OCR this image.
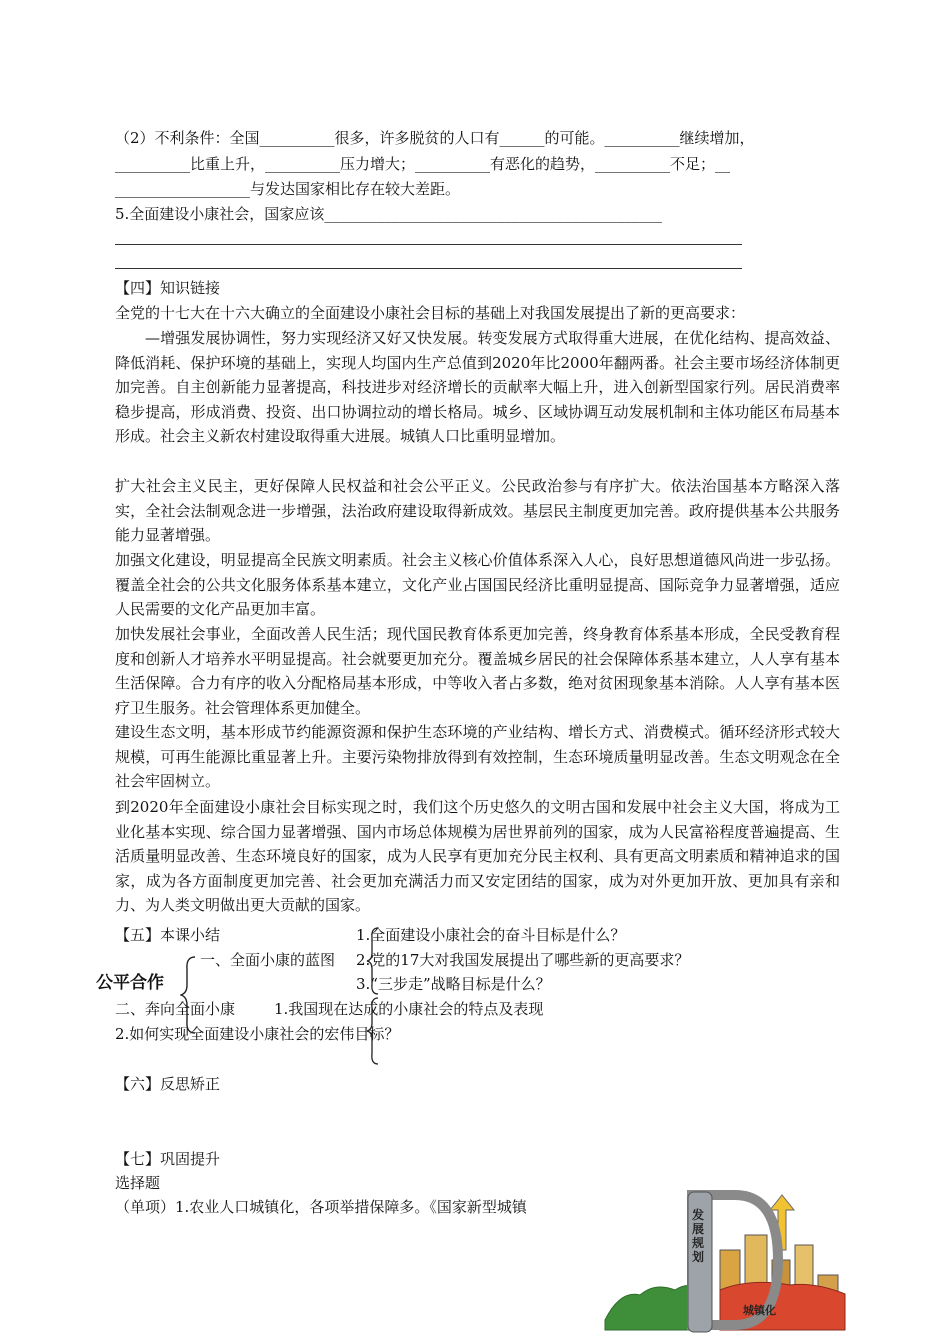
（2）不利条件：全国__________很多，许多脱贫的人口有______的可能。__________继续增加，
__________比重上升，__________压力增大；__________有恶化的趋势，__________不足；__
__________________与发达国家相比存在较大差距。
5.全面建设小康社会，国家应该_____________________________________________
【四】知识链接
全党的十七大在十六大确立的全面建设小康社会目标的基础上对我国发展提出了新的更高要求：
—增强发展协调性，努力实现经济又好又快发展。转变发展方式取得重大进展，在优化结构、提高效益、降低消耗、保护环境的基础上，实现人均国内生产总值到2020年比2000年翻两番。社会主要市场经济体制更加完善。自主创新能力显著提高，科技进步对经济增长的贡献率大幅上升，进入创新型国家行列。居民消费率稳步提高，形成消费、投资、出口协调拉动的增长格局。城乡、区域协调互动发展机制和主体功能区布局基本形成。社会主义新农村建设取得重大进展。城镇人口比重明显增加。
扩大社会主义民主，更好保障人民权益和社会公平正义。公民政治参与有序扩大。依法治国基本方略深入落实，全社会法制观念进一步增强，法治政府建设取得新成效。基层民主制度更加完善。政府提供基本公共服务能力显著增强。
加强文化建设，明显提高全民族文明素质。社会主义核心价值体系深入人心，良好思想道德风尚进一步弘扬。覆盖全社会的公共文化服务体系基本建立，文化产业占国国民经济比重明显提高、国际竞争力显著增强，适应人民需要的文化产品更加丰富。
加快发展社会事业，全面改善人民生活；现代国民教育体系更加完善，终身教育体系基本形成，全民受教育程度和创新人才培养水平明显提高。社会就要更加充分。覆盖城乡居民的社会保障体系基本建立，人人享有基本生活保障。合力有序的收入分配格局基本形成，中等收入者占多数，绝对贫困现象基本消除。人人享有基本医疗卫生服务。社会管理体系更加健全。
建设生态文明，基本形成节约能源资源和保护生态环境的产业结构、增长方式、消费模式。循环经济形式较大规模，可再生能源比重显著上升。主要污染物排放得到有效控制，生态环境质量明显改善。生态文明观念在全社会牢固树立。
到2020年全面建设小康社会目标实现之时，我们这个历史悠久的文明古国和发展中社会主义大国，将成为工业化基本实现、综合国力显著增强、国内市场总体规模为居世界前列的国家，成为人民富裕程度普遍提高、生活质量明显改善、生态环境良好的国家，成为人民享有更加充分民主权利、具有更高文明素质和精神追求的国家，成为各方面制度更加完善、社会更加充满活力而又安定团结的国家，成为对外更加开放、更加具有亲和力、为人类文明做出更大贡献的国家。
【五】本课小结	1.全面建设小康社会的奋斗目标是什么？
一、全面小康的蓝图 2.党的17大对我国发展提出了哪些新的更高要求？
公平合作	3.“三步走”战略目标是什么？
二、奔向全面小康	1.我国现在达成的小康社会的特点及表现
2.如何实现全面建设小康社会的宏伟目标？
【六】反思矫正
【七】巩固提升
选择题
（单项）1.农业人口城镇化，各项举措保障多。《国家新型城镇	发展规划
城镇化
